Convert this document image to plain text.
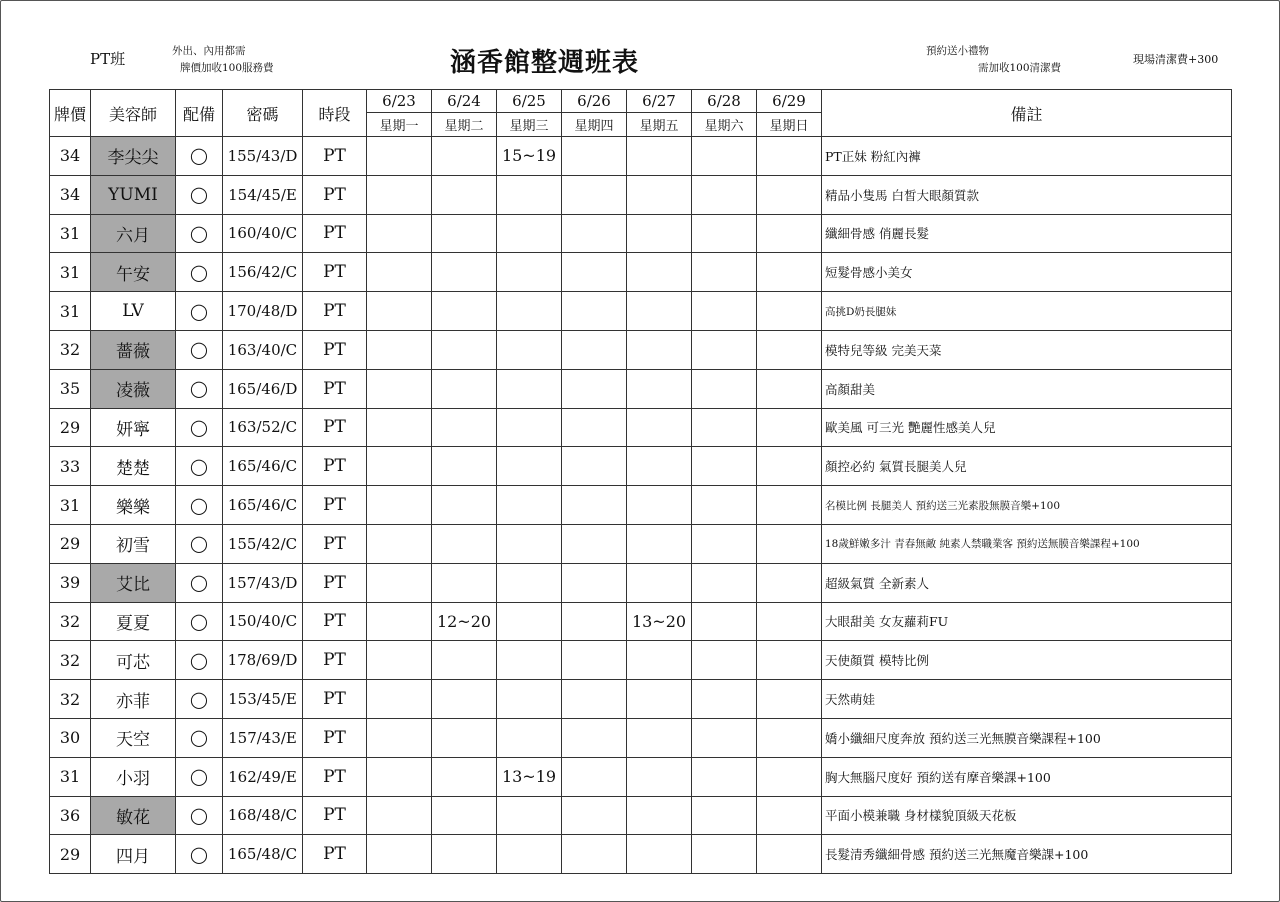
PT班	外出、內用都需
牌價加收100服務費	涵香館整週班表	預約送小禮物
需加收100清潔費
現場清潔費+300
牌價	美容師	配備	密碼	時段	6/23	6/24	6/25	6/26	6/27	6/28	6/29	備註
					星期一	星期二	星期三	星期四	星期五	星期六	星期日	
34	李尖尖	◯	155/43/D	PT			15~19					PT正妹 粉紅內褲
34	YUMI	◯	154/45/E	PT								精品小隻馬 白皙大眼顏質款
31	六月	◯	160/40/C	PT								纖細骨感 俏麗長髮
31	午安	◯	156/42/C	PT								短髮骨感小美女
31	LV	◯	170/48/D	PT								高挑D奶長腿妹
32	薔薇	◯	163/40/C	PT								模特兒等級 完美天菜
35	凌薇	◯	165/46/D	PT								高顏甜美
29	妍寧	◯	163/52/C	PT								歐美風 可三光 艷麗性感美人兒
33	楚楚	◯	165/46/C	PT								顏控必約 氣質長腿美人兒
31	樂樂	◯	165/46/C	PT								名模比例 長腿美人 預約送三光素股無膜音樂+100
29	初雪	◯	155/42/C	PT								18歲鮮嫩多汁 青春無敵 純素人禁職業客 預約送無膜音樂課程+100
39	艾比	◯	157/43/D	PT								超級氣質 全新素人
32	夏夏	◯	150/40/C	PT		12~20			13~20			大眼甜美 女友蘿莉FU
32	可芯	◯	178/69/D	PT								天使顏質 模特比例
32	亦菲	◯	153/45/E	PT								天然萌娃
30	天空	◯	157/43/E	PT								嬌小纖細尺度奔放 預約送三光無膜音樂課程+100
31	小羽	◯	162/49/E	PT			13~19					胸大無腦尺度好 預約送有摩音樂課+100
36	敏花	◯	168/48/C	PT								平面小模兼職 身材樣貌頂級天花板
29	四月	◯	165/48/C	PT								長髮清秀纖細骨感 預約送三光無魔音樂課+100
